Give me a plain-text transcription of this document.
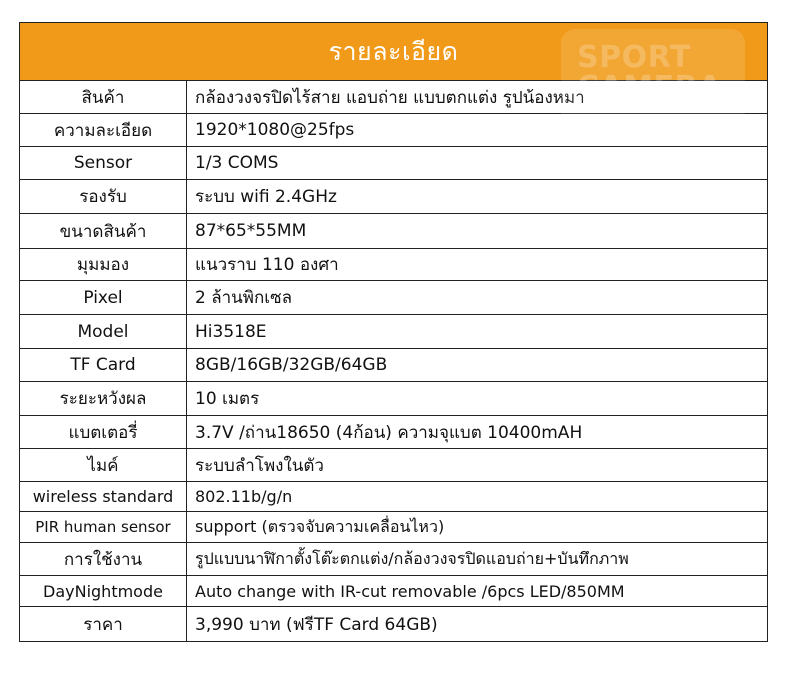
SPORT
CAMERA
รายละเอียด	
สินค้า	กล้องวงจรปิดไร้สาย แอบถ่าย แบบตกแต่ง รูปน้องหมา
ความละเอียด	1920*1080@25fps
Sensor	1/3 COMS
รองรับ	ระบบ wifi 2.4GHz
ขนาดสินค้า	87*65*55MM
มุมมอง	แนวราบ 110 องศา
Pixel	2 ล้านพิกเซล
Model	Hi3518E
TF Card	8GB/16GB/32GB/64GB
ระยะหวังผล	10 เมตร
แบตเตอรี่	3.7V /ถ่าน18650 (4ก้อน) ความจุแบต 10400mAH
ไมค์	ระบบลำโพงในตัว
wireless standard	802.11b/g/n
PIR human sensor	support (ตรวจจับความเคลื่อนไหว)
การใช้งาน	รูปแบบนาฬิกาตั้งโต๊ะตกแต่ง/กล้องวงจรปิดแอบถ่าย+บันทึกภาพ
DayNightmode	Auto change with IR-cut removable /6pcs LED/850MM
ราคา	3,990 บาท (ฟรีTF Card 64GB)
